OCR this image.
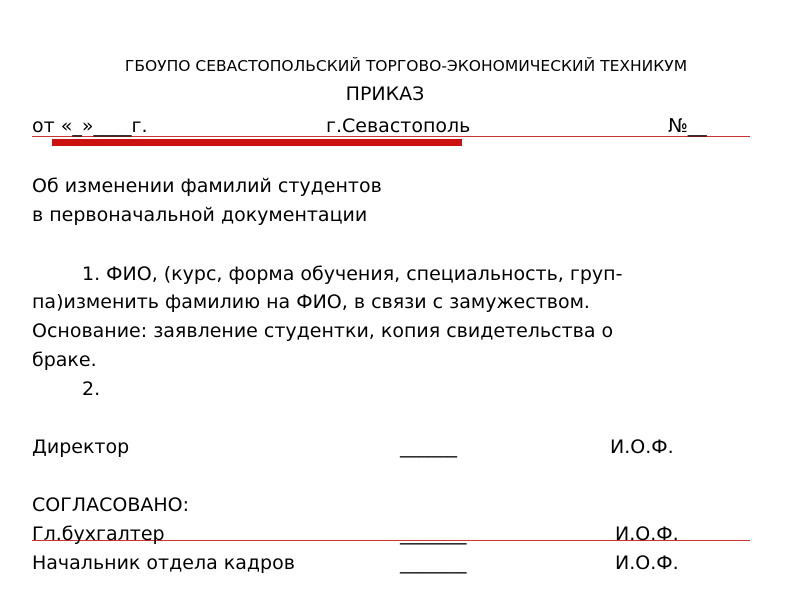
ГБОУПО СЕВАСТОПОЛЬСКИЙ ТОРГОВО-ЭКОНОМИЧЕСКИЙ ТЕХНИКУМ
ПРИКАЗ
от «_»____г.	г.Севастополь	№__
Об изменении фамилий студентов
в первоначальной документации
1. ФИО, (курс, форма обучения, специальность, груп-
па)изменить фамилию на ФИО, в связи с замужеством.
Основание: заявление студентки, копия свидетельства о
браке.
2.
Директор	______	И.О.Ф.
СОГЛАСОВАНО:
Гл.бухгалтер	_______	И.О.Ф.
Начальник отдела кадров	_______	И.О.Ф.
